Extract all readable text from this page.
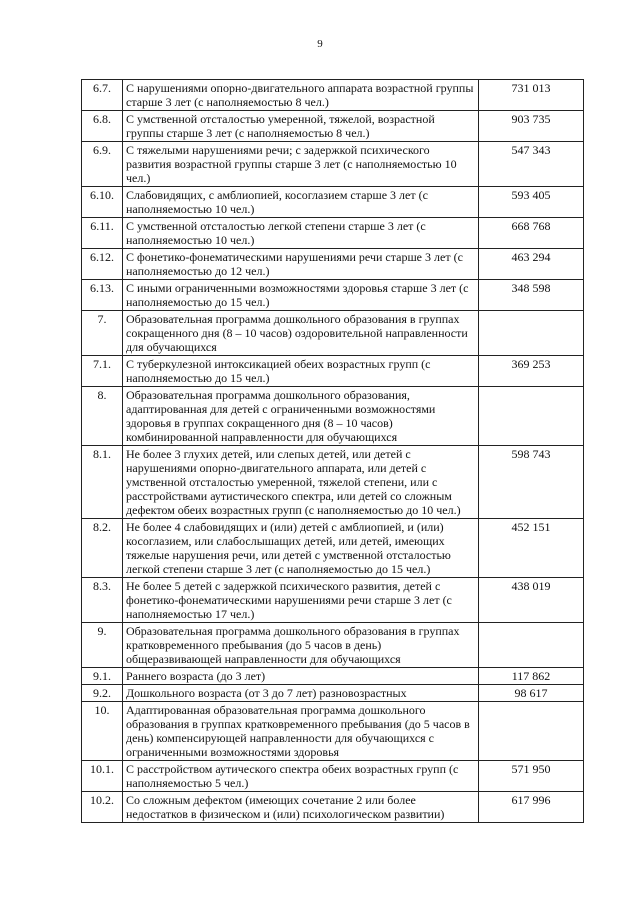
9
6.7.	С нарушениями опорно-двигательного аппарата возрастной группы старше 3 лет (с наполняемостью 8 чел.)	731 013
6.8.	С умственной отсталостью умеренной, тяжелой, возрастной группы старше 3 лет (с наполняемостью 8 чел.)	903 735
6.9.	С тяжелыми нарушениями речи; с задержкой психического развития возрастной группы старше 3 лет (с наполняемостью 10 чел.)	547 343
6.10.	Слабовидящих, с амблиопией, косоглазием старше 3 лет (с наполняемостью 10 чел.)	593 405
6.11.	С умственной отсталостью легкой степени старше 3 лет (с наполняемостью 10 чел.)	668 768
6.12.	С фонетико-фонематическими нарушениями речи старше 3 лет (с наполняемостью до 12 чел.)	463 294
6.13.	С иными ограниченными возможностями здоровья старше 3 лет (с наполняемостью до 15 чел.)	348 598
7.	Образовательная программа дошкольного образования в группах сокращенного дня (8 – 10 часов) оздоровительной направленности для обучающихся	
7.1.	С туберкулезной интоксикацией обеих возрастных групп (с наполняемостью до 15 чел.)	369 253
8.	Образовательная программа дошкольного образования, адаптированная для детей с ограниченными возможностями здоровья в группах сокращенного дня (8 – 10 часов) комбинированной направленности для обучающихся	
8.1.	Не более 3 глухих детей, или слепых детей, или детей с нарушениями опорно-двигательного аппарата, или детей с умственной отсталостью умеренной, тяжелой степени, или с расстройствами аутистического спектра, или детей со сложным дефектом обеих возрастных групп (с наполняемостью до 10 чел.)	598 743
8.2.	Не более 4 слабовидящих и (или) детей с амблиопией, и (или) косоглазием, или слабослышащих детей, или детей, имеющих тяжелые нарушения речи, или детей с умственной отсталостью легкой степени старше 3 лет (с наполняемостью до 15 чел.)	452 151
8.3.	Не более 5 детей с задержкой психического развития, детей с фонетико-фонематическими нарушениями речи старше 3 лет (с наполняемостью 17 чел.)	438 019
9.	Образовательная программа дошкольного образования в группах кратковременного пребывания (до 5 часов в день) общеразвивающей направленности для обучающихся	
9.1.	Раннего возраста (до 3 лет)	117 862
9.2.	Дошкольного возраста (от 3 до 7 лет) разновозрастных	98 617
10.	Адаптированная образовательная программа дошкольного образования в группах кратковременного пребывания (до 5 часов в день) компенсирующей направленности для обучающихся с ограниченными возможностями здоровья	
10.1.	С расстройством аутического спектра обеих возрастных групп (с наполняемостью 5 чел.)	571 950
10.2.	Со сложным дефектом (имеющих сочетание 2 или более недостатков в физическом и (или) психологическом развитии)	617 996
